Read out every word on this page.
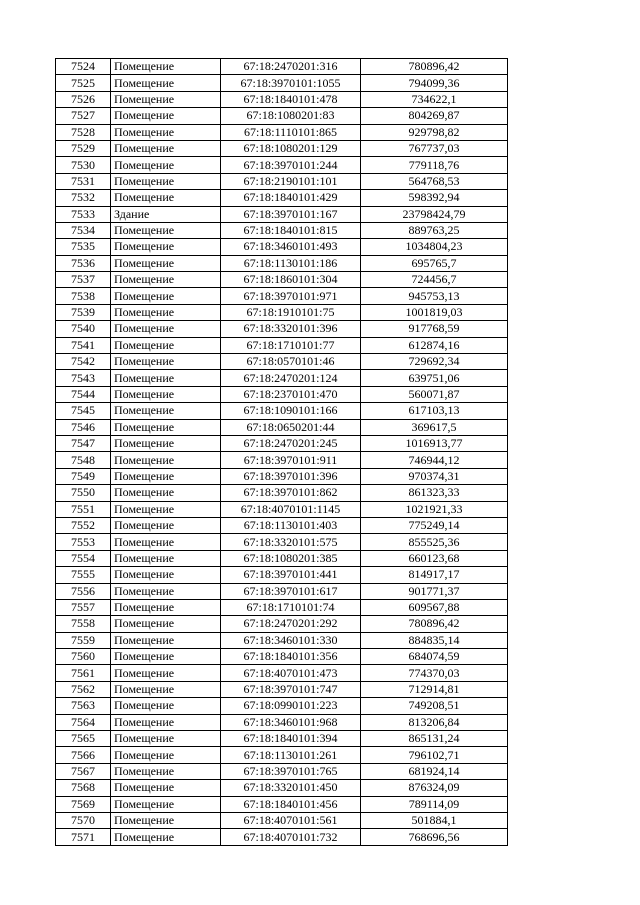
7524	Помещение	67:18:2470201:316	780896,42
7525	Помещение	67:18:3970101:1055	794099,36
7526	Помещение	67:18:1840101:478	734622,1
7527	Помещение	67:18:1080201:83	804269,87
7528	Помещение	67:18:1110101:865	929798,82
7529	Помещение	67:18:1080201:129	767737,03
7530	Помещение	67:18:3970101:244	779118,76
7531	Помещение	67:18:2190101:101	564768,53
7532	Помещение	67:18:1840101:429	598392,94
7533	Здание	67:18:3970101:167	23798424,79
7534	Помещение	67:18:1840101:815	889763,25
7535	Помещение	67:18:3460101:493	1034804,23
7536	Помещение	67:18:1130101:186	695765,7
7537	Помещение	67:18:1860101:304	724456,7
7538	Помещение	67:18:3970101:971	945753,13
7539	Помещение	67:18:1910101:75	1001819,03
7540	Помещение	67:18:3320101:396	917768,59
7541	Помещение	67:18:1710101:77	612874,16
7542	Помещение	67:18:0570101:46	729692,34
7543	Помещение	67:18:2470201:124	639751,06
7544	Помещение	67:18:2370101:470	560071,87
7545	Помещение	67:18:1090101:166	617103,13
7546	Помещение	67:18:0650201:44	369617,5
7547	Помещение	67:18:2470201:245	1016913,77
7548	Помещение	67:18:3970101:911	746944,12
7549	Помещение	67:18:3970101:396	970374,31
7550	Помещение	67:18:3970101:862	861323,33
7551	Помещение	67:18:4070101:1145	1021921,33
7552	Помещение	67:18:1130101:403	775249,14
7553	Помещение	67:18:3320101:575	855525,36
7554	Помещение	67:18:1080201:385	660123,68
7555	Помещение	67:18:3970101:441	814917,17
7556	Помещение	67:18:3970101:617	901771,37
7557	Помещение	67:18:1710101:74	609567,88
7558	Помещение	67:18:2470201:292	780896,42
7559	Помещение	67:18:3460101:330	884835,14
7560	Помещение	67:18:1840101:356	684074,59
7561	Помещение	67:18:4070101:473	774370,03
7562	Помещение	67:18:3970101:747	712914,81
7563	Помещение	67:18:0990101:223	749208,51
7564	Помещение	67:18:3460101:968	813206,84
7565	Помещение	67:18:1840101:394	865131,24
7566	Помещение	67:18:1130101:261	796102,71
7567	Помещение	67:18:3970101:765	681924,14
7568	Помещение	67:18:3320101:450	876324,09
7569	Помещение	67:18:1840101:456	789114,09
7570	Помещение	67:18:4070101:561	501884,1
7571	Помещение	67:18:4070101:732	768696,56
